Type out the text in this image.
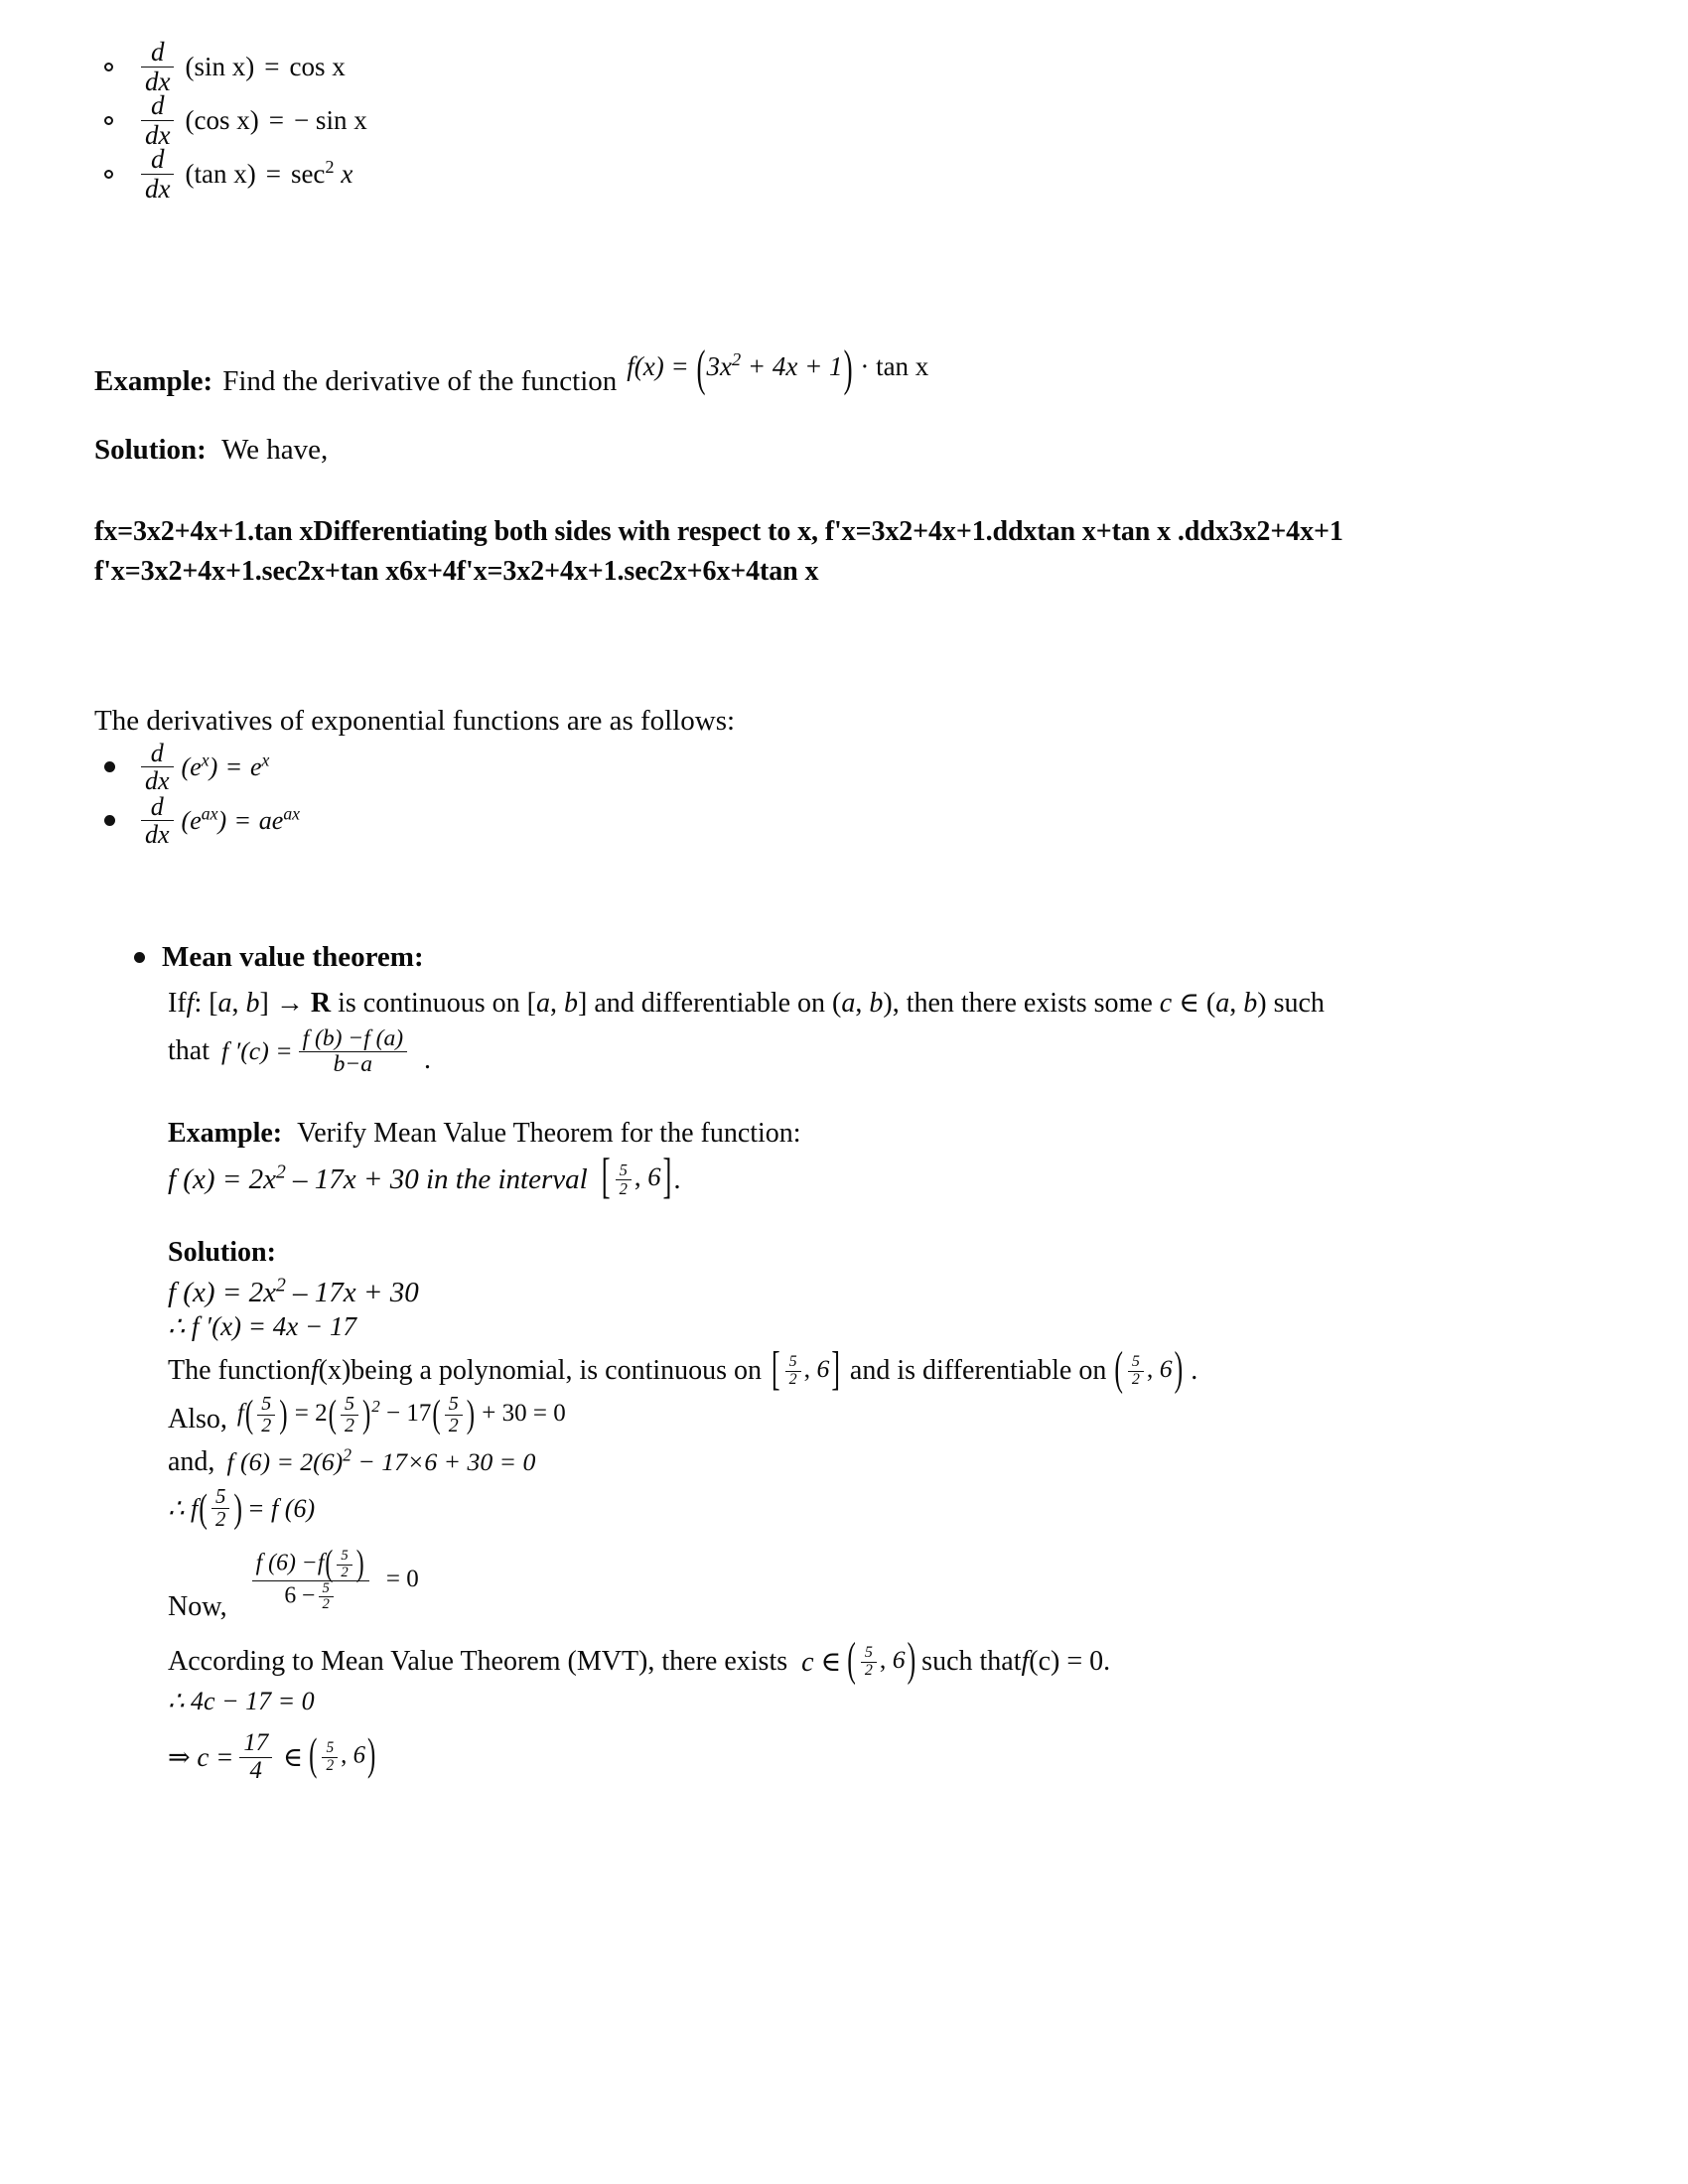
$\frac{d}{dx} (\sin$ x) = cos x
$\frac{d}{dx} (\cos$ x) = − sin x
$\frac{d}{dx} (\tan$ $x) = \sec^2 x$
Example: Find the derivative of the function $f(x) = (3x^2 + 4x + 1) \cdot \tan x$
Solution: We have,
fx=3x2+4x+1.tan xDifferentiating both sides with respect to x, f'x=3x2+4x+1.ddxtan x+tan x .ddx3x2+4x+1
f'x=3x2+4x+1.sec2x+tan x6x+4f'x=3x2+4x+1.sec2x+6x+4tan x
The derivatives of exponential functions are as follows:
$\frac{d}{dx} (e^x) = e^x$
$\frac{d}{dx} (e^{ax}) = ae^{ax}$
Mean value theorem:
Iff: [a, b] → R is continuous on [a, b] and differentiable on (a, b), then there exists some c ∈ (a, b) such
that f $'(c) = \frac{f (b) -f (a)}{b-a}$ .
Example: Verify Mean Value Theorem for the function:
f $(x) = 2x^2 - 17x + 30$ in the interval [ $\frac{5}{2}$ , 6] .
Solution:
f $(x) = 2x^2 - 17x + 30$
∴ f ′(x) = 4x − 17
The function f (x) being a polynomial, is continuous on [ $\frac{5}{2}$ , 6] and is differentiable on ( $\frac{5}{2}$ , 6) .
Also, $f( \frac{5}{2}$ ) = $2( \frac{5}{2} )^2 - 17( \frac{5}{2}$ ) + 30 = 0
and, f $(6) = 2(6)^2 - 17\times 6 + 30 = 0$
∴ f ( $\frac{5}{2}$ ) = f (6)
Now, $\frac{f (6) -f( \frac{5}{2} )}{6 - \frac{5}{2}} = 0$
According to Mean Value Theorem (MVT), there exists c ∈ ( $\frac{5}{2}$ , 6) such that f (c) = 0.
∴ 4c − 17 = 0
⇒ $c = \frac{17}{4}$ ∈ ( $\frac{5}{2}$ , 6)
